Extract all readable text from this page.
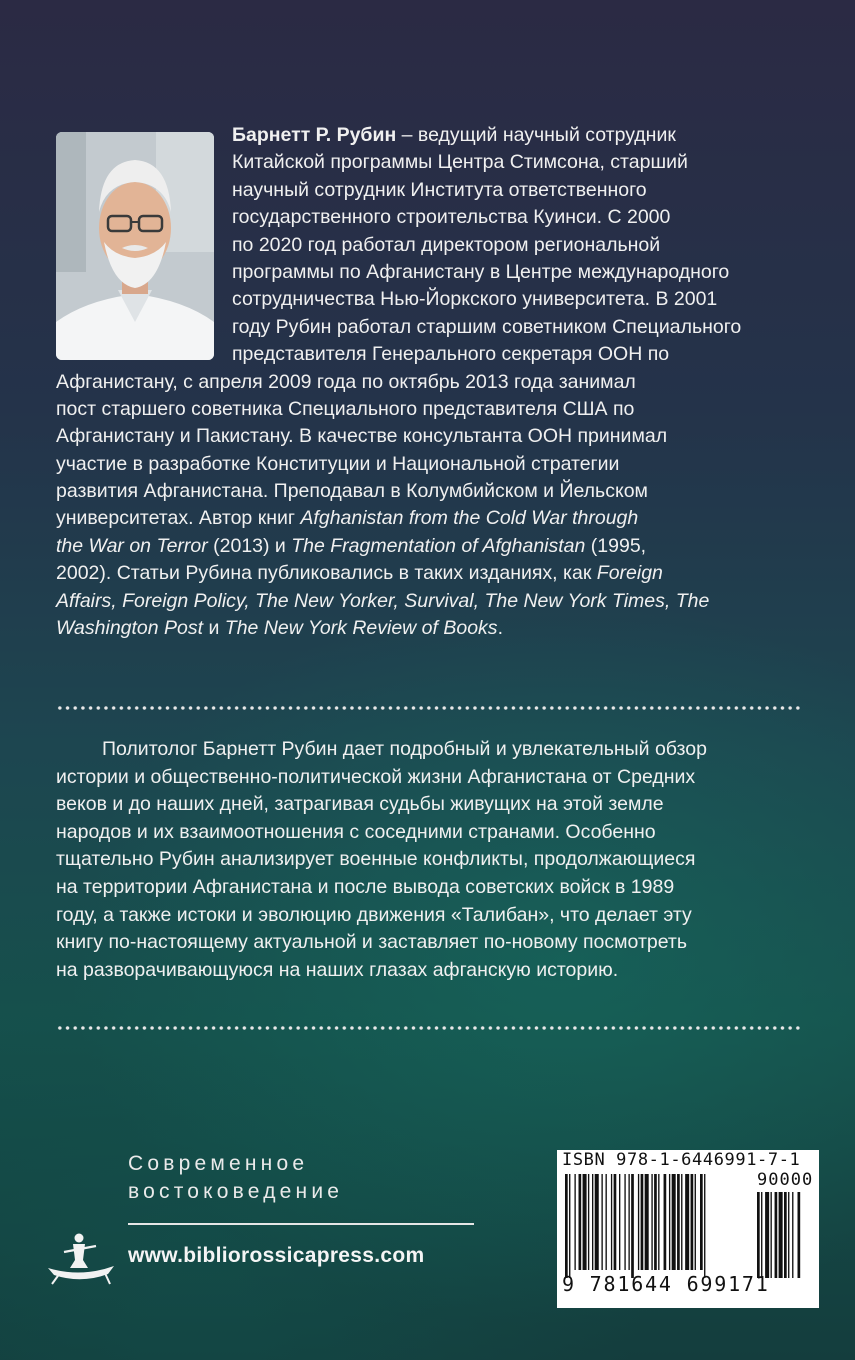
Барнетт Р. Рубин – ведущий научный сотрудник
Китайской программы Центра Стимсона, старший
научный сотрудник Института ответственного
государственного строительства Куинси. С 2000
по 2020 год работал директором региональной
программы по Афганистану в Центре международного
сотрудничества Нью-Йоркского университета. В 2001
году Рубин работал старшим советником Специального
представителя Генерального секретаря ООН по
Афганистану, с апреля 2009 года по октябрь 2013 года занимал
пост старшего советника Специального представителя США по
Афганистану и Пакистану. В качестве консультанта ООН принимал
участие в разработке Конституции и Национальной стратегии
развития Афганистана. Преподавал в Колумбийском и Йельском
университетах. Автор книг Afghanistan from the Cold War through
the War on Terror (2013) и The Fragmentation of Afghanistan (1995,
2002). Статьи Рубина публиковались в таких изданиях, как Foreign
Affairs, Foreign Policy, The New Yorker, Survival, The New York Times, The
Washington Post и The New York Review of Books.
Политолог Барнетт Рубин дает подробный и увлекательный обзор
истории и общественно-политической жизни Афганистана от Средних
веков и до наших дней, затрагивая судьбы живущих на этой земле
народов и их взаимоотношения с соседними странами. Особенно
тщательно Рубин анализирует военные конфликты, продолжающиеся
на территории Афганистана и после вывода советских войск в 1989
году, а также истоки и эволюцию движения «Талибан», что делает эту
книгу по-настоящему актуальной и заставляет по-новому посмотреть
на разворачивающуюся на наших глазах афганскую историю.
Современное
востоковедение
www.bibliorossicapress.com
ISBN 978-1-6446991-7-1
90000
9 781644 699171
